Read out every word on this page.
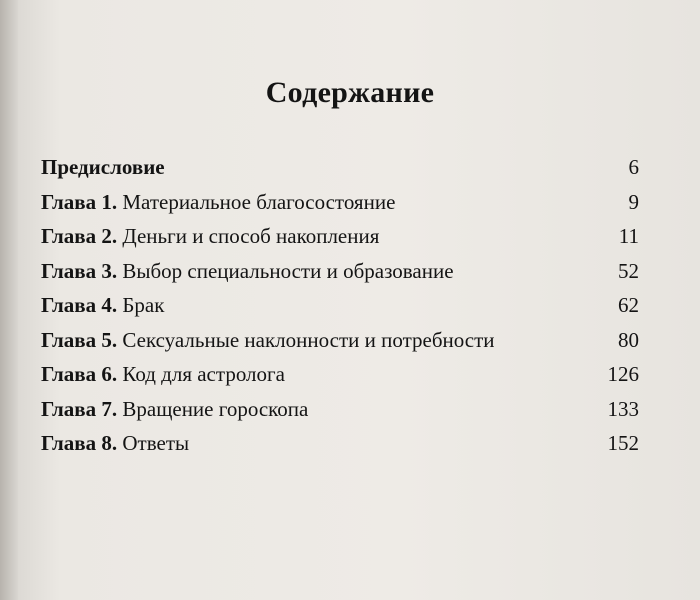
Содержание
Предисловие	6
Глава 1. Материальное благосостояние	9
Глава 2. Деньги и способ накопления	11
Глава 3. Выбор специальности и образование	52
Глава 4. Брак	62
Глава 5. Сексуальные наклонности и потребности	80
Глава 6. Код для астролога	126
Глава 7. Вращение гороскопа	133
Глава 8. Ответы	152
